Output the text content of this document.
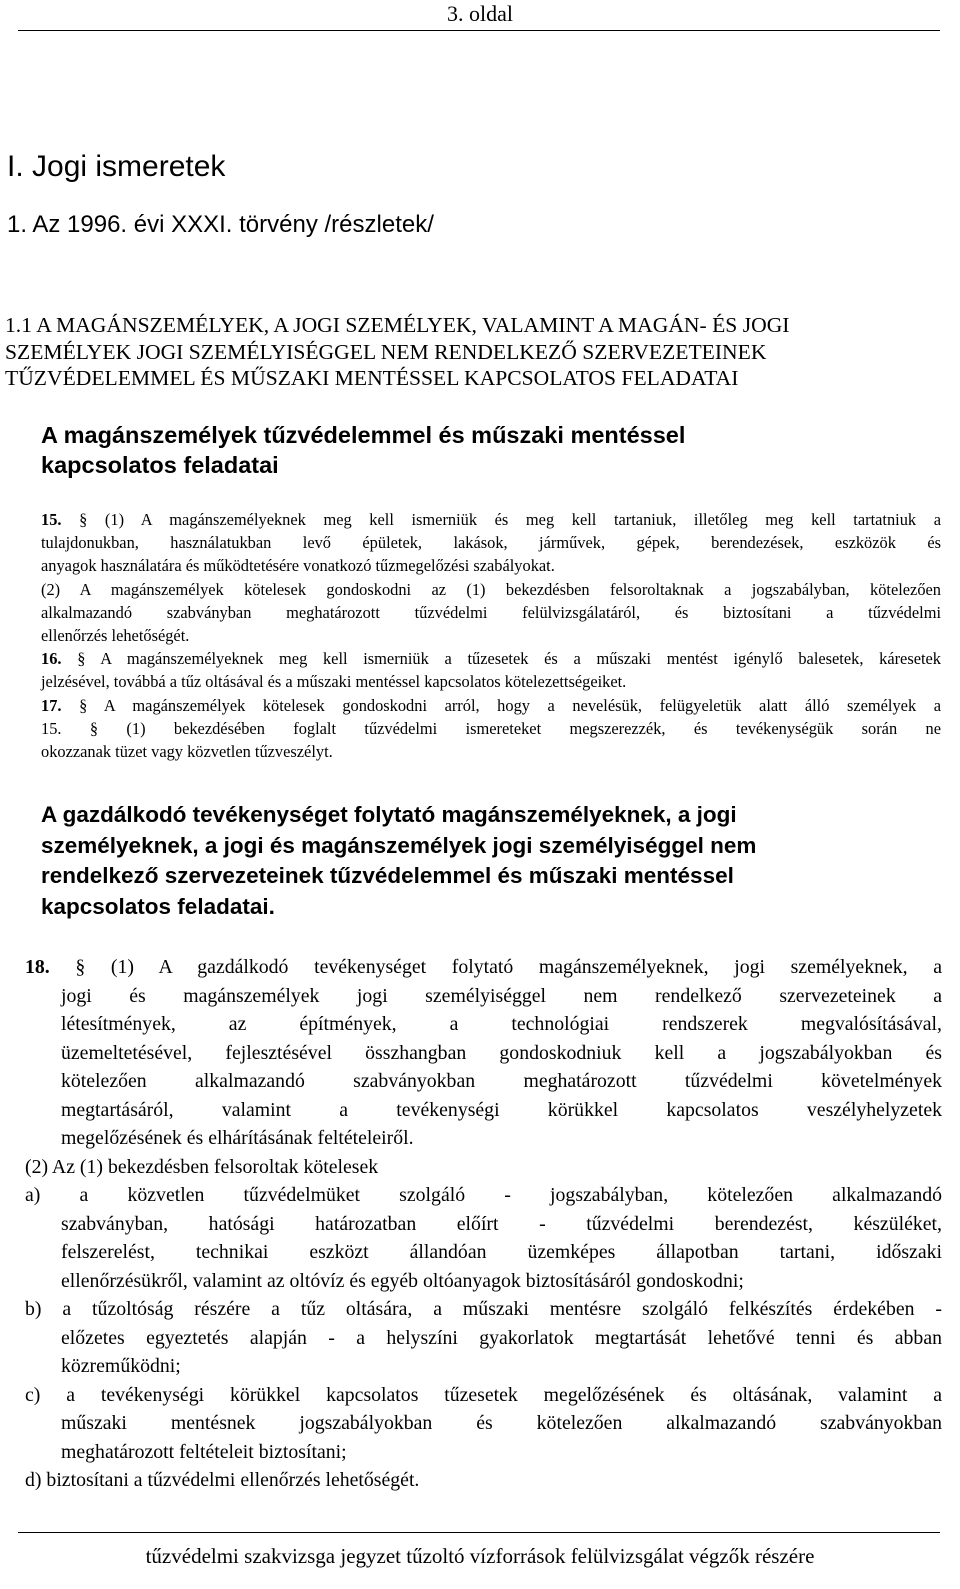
3. oldal
I. Jogi ismeretek
1. Az 1996. évi XXXI. törvény /részletek/
1.1 A MAGÁNSZEMÉLYEK, A JOGI SZEMÉLYEK, VALAMINT A MAGÁN- ÉS JOGI
SZEMÉLYEK JOGI SZEMÉLYISÉGGEL NEM RENDELKEZŐ SZERVEZETEINEK
TŰZVÉDELEMMEL ÉS MŰSZAKI MENTÉSSEL KAPCSOLATOS FELADATAI
A magánszemélyek tűzvédelemmel és műszaki mentéssel
kapcsolatos feladatai
15. § (1) A magánszemélyeknek meg kell ismerniük és meg kell tartaniuk, illetőleg meg kell tartatniuk a
tulajdonukban, használatukban levő épületek, lakások, járművek, gépek, berendezések, eszközök és
anyagok használatára és működtetésére vonatkozó tűzmegelőzési szabályokat.
(2) A magánszemélyek kötelesek gondoskodni az (1) bekezdésben felsoroltaknak a jogszabályban, kötelezően
alkalmazandó szabványban meghatározott tűzvédelmi felülvizsgálatáról, és biztosítani a tűzvédelmi
ellenőrzés lehetőségét.
16. § A magánszemélyeknek meg kell ismerniük a tűzesetek és a műszaki mentést igénylő balesetek, káresetek
jelzésével, továbbá a tűz oltásával és a műszaki mentéssel kapcsolatos kötelezettségeiket.
17. § A magánszemélyek kötelesek gondoskodni arról, hogy a nevelésük, felügyeletük alatt álló személyek a
15. § (1) bekezdésében foglalt tűzvédelmi ismereteket megszerezzék, és tevékenységük során ne
okozzanak tüzet vagy közvetlen tűzveszélyt.
A gazdálkodó tevékenységet folytató magánszemélyeknek, a jogi
személyeknek, a jogi és magánszemélyek jogi személyiséggel nem
rendelkező szervezeteinek tűzvédelemmel és műszaki mentéssel
kapcsolatos feladatai.
18. § (1) A gazdálkodó tevékenységet folytató magánszemélyeknek, jogi személyeknek, a
jogi és magánszemélyek jogi személyiséggel nem rendelkező szervezeteinek a
létesítmények, az építmények, a technológiai rendszerek megvalósításával,
üzemeltetésével, fejlesztésével összhangban gondoskodniuk kell a jogszabályokban és
kötelezően alkalmazandó szabványokban meghatározott tűzvédelmi követelmények
megtartásáról, valamint a tevékenységi körükkel kapcsolatos veszélyhelyzetek
megelőzésének és elhárításának feltételeiről.
(2) Az (1) bekezdésben felsoroltak kötelesek
a) a közvetlen tűzvédelmüket szolgáló - jogszabályban, kötelezően alkalmazandó
szabványban, hatósági határozatban előírt - tűzvédelmi berendezést, készüléket,
felszerelést, technikai eszközt állandóan üzemképes állapotban tartani, időszaki
ellenőrzésükről, valamint az oltóvíz és egyéb oltóanyagok biztosításáról gondoskodni;
b) a tűzoltóság részére a tűz oltására, a műszaki mentésre szolgáló felkészítés érdekében -
előzetes egyeztetés alapján - a helyszíni gyakorlatok megtartását lehetővé tenni és abban
közreműködni;
c) a tevékenységi körükkel kapcsolatos tűzesetek megelőzésének és oltásának, valamint a
műszaki mentésnek jogszabályokban és kötelezően alkalmazandó szabványokban
meghatározott feltételeit biztosítani;
d) biztosítani a tűzvédelmi ellenőrzés lehetőségét.
tűzvédelmi szakvizsga jegyzet tűzoltó vízforrások felülvizsgálat végzők részére
